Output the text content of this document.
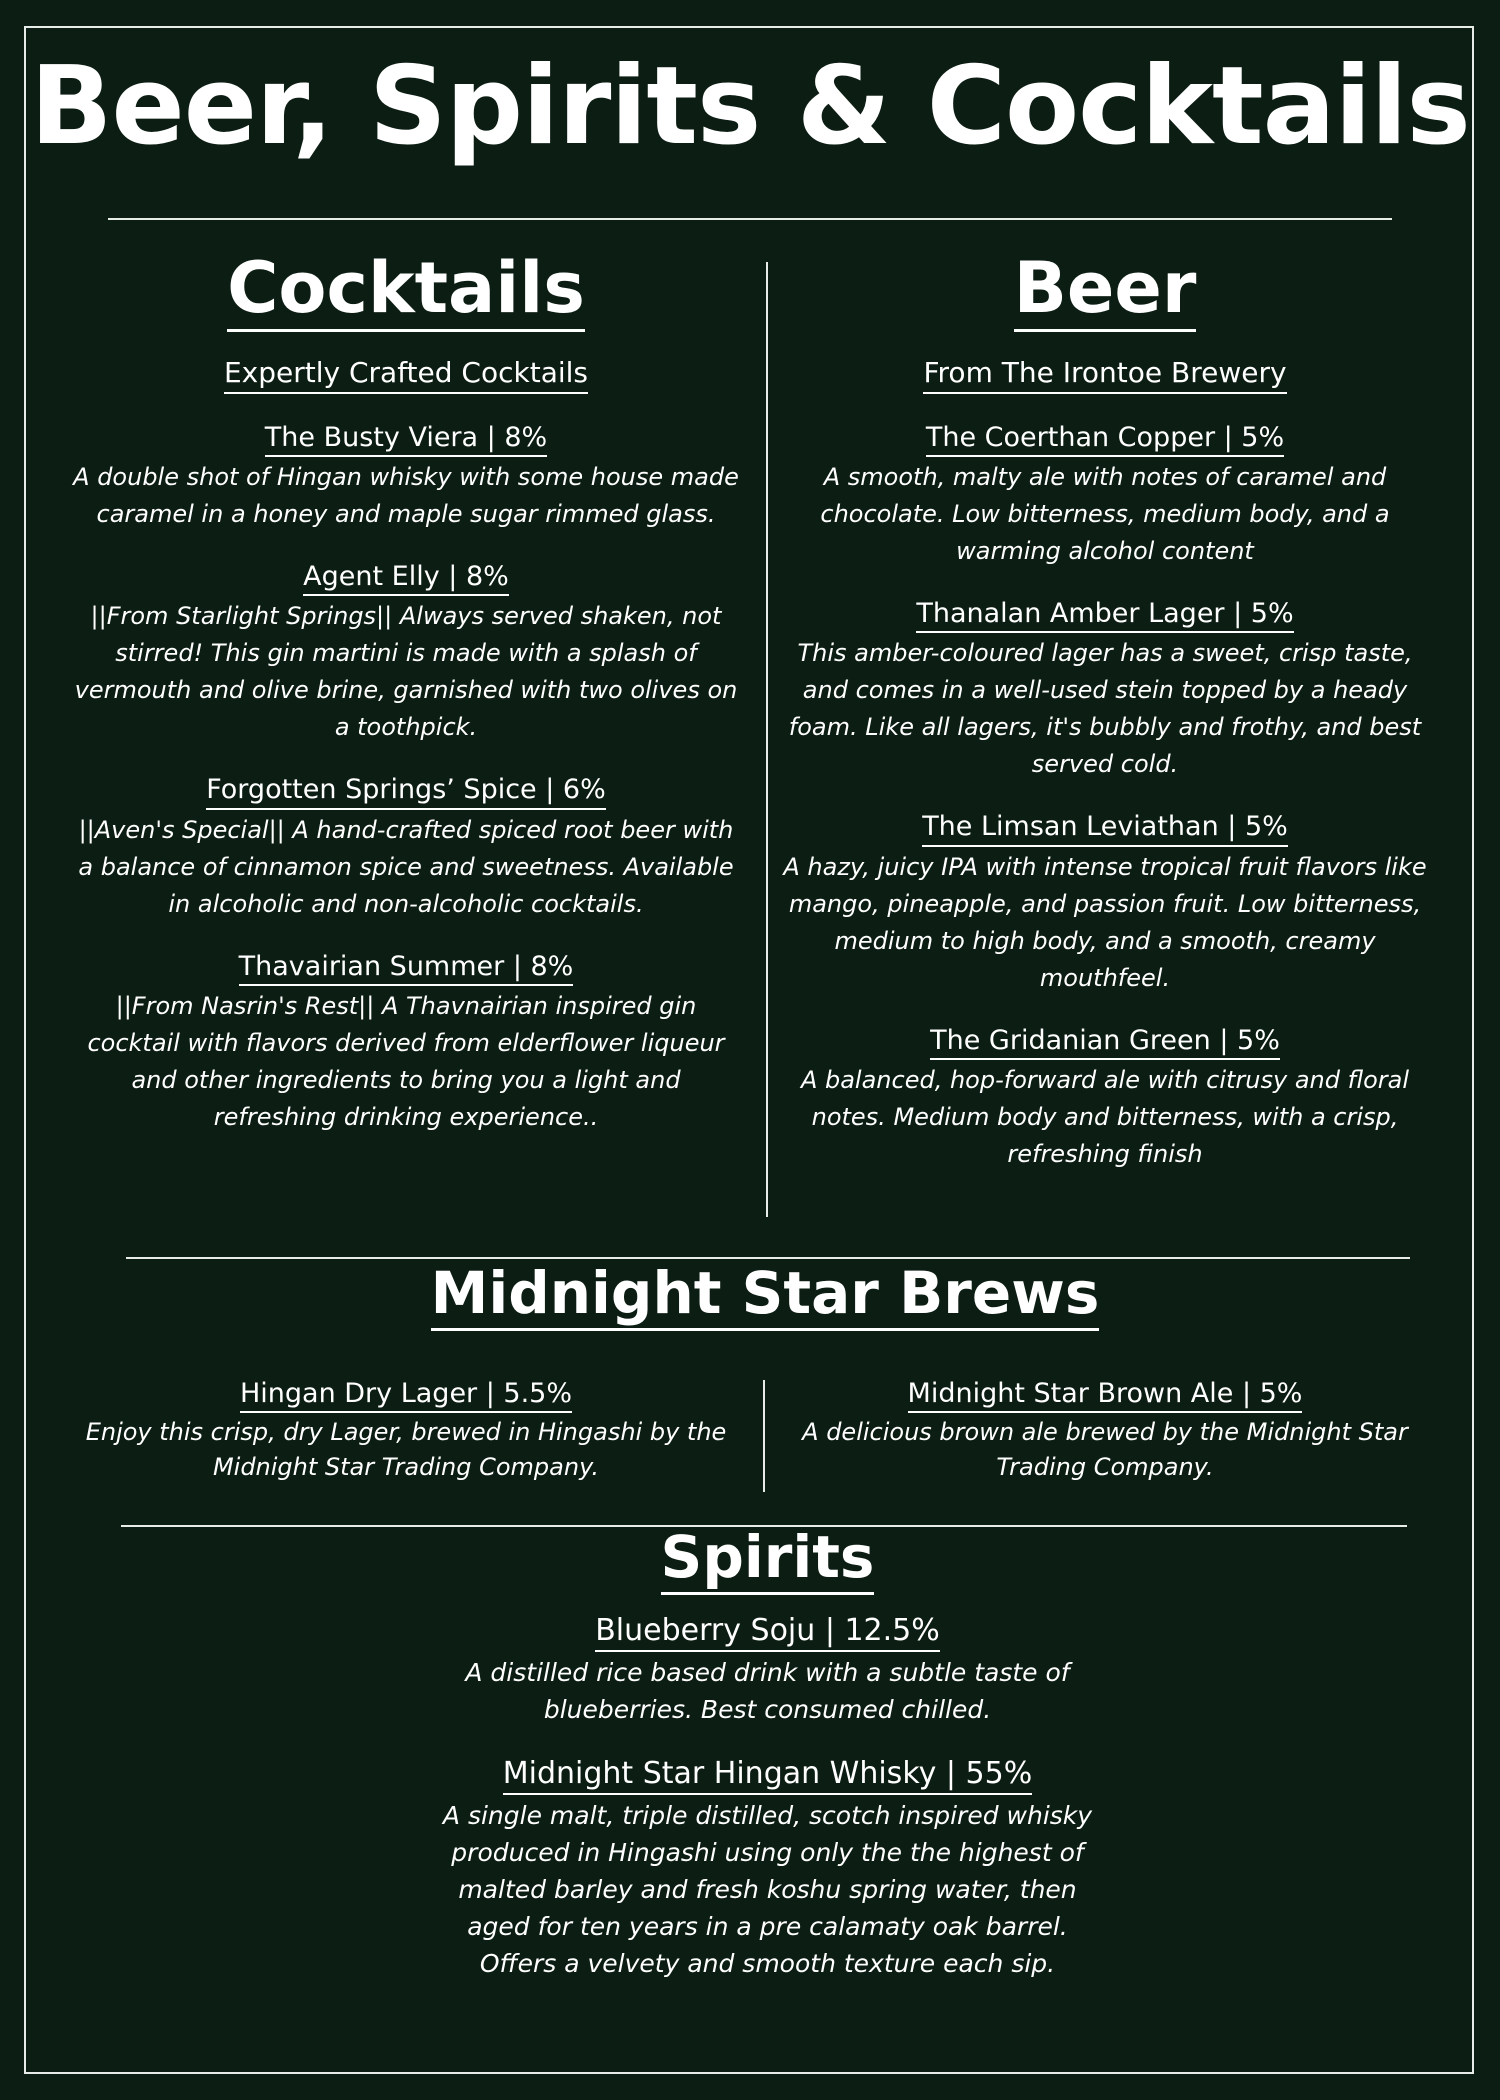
Beer, Spirits & Cocktails
Cocktails
Expertly Crafted Cocktails
The Busty Viera | 8%
A double shot of Hingan whisky with some house made caramel in a honey and maple sugar rimmed glass.
Agent Elly | 8%
||From Starlight Springs|| Always served shaken, not stirred! This gin martini is made with a splash of vermouth and olive brine, garnished with two olives on a toothpick.
Forgotten Springs’ Spice | 6%
||Aven's Special|| A hand-crafted spiced root beer with a balance of cinnamon spice and sweetness. Available in alcoholic and non-alcoholic cocktails.
Thavairian Summer | 8%
||From Nasrin's Rest|| A Thavnairian inspired gin cocktail with flavors derived from elderflower liqueur and other ingredients to bring you a light and refreshing drinking experience..
Beer
From The Irontoe Brewery
The Coerthan Copper | 5%
A smooth, malty ale with notes of caramel and chocolate. Low bitterness, medium body, and a warming alcohol content
Thanalan Amber Lager | 5%
This amber-coloured lager has a sweet, crisp taste, and comes in a well-used stein topped by a heady foam. Like all lagers, it's bubbly and frothy, and best served cold.
The Limsan Leviathan | 5%
A hazy, juicy IPA with intense tropical fruit flavors like mango, pineapple, and passion fruit. Low bitterness, medium to high body, and a smooth, creamy mouthfeel.
The Gridanian Green | 5%
A balanced, hop-forward ale with citrusy and floral notes. Medium body and bitterness, with a crisp, refreshing finish
Midnight Star Brews
Hingan Dry Lager | 5.5%
Enjoy this crisp, dry Lager, brewed in Hingashi by the Midnight Star Trading Company.
Midnight Star Brown Ale | 5%
A delicious brown ale brewed by the Midnight Star Trading Company.
Spirits
Blueberry Soju | 12.5%
A distilled rice based drink with a subtle taste of blueberries. Best consumed chilled.
Midnight Star Hingan Whisky | 55%
A single malt, triple distilled, scotch inspired whisky produced in Hingashi using only the the highest of malted barley and fresh koshu spring water, then aged for ten years in a pre calamaty oak barrel. Offers a velvety and smooth texture each sip.
